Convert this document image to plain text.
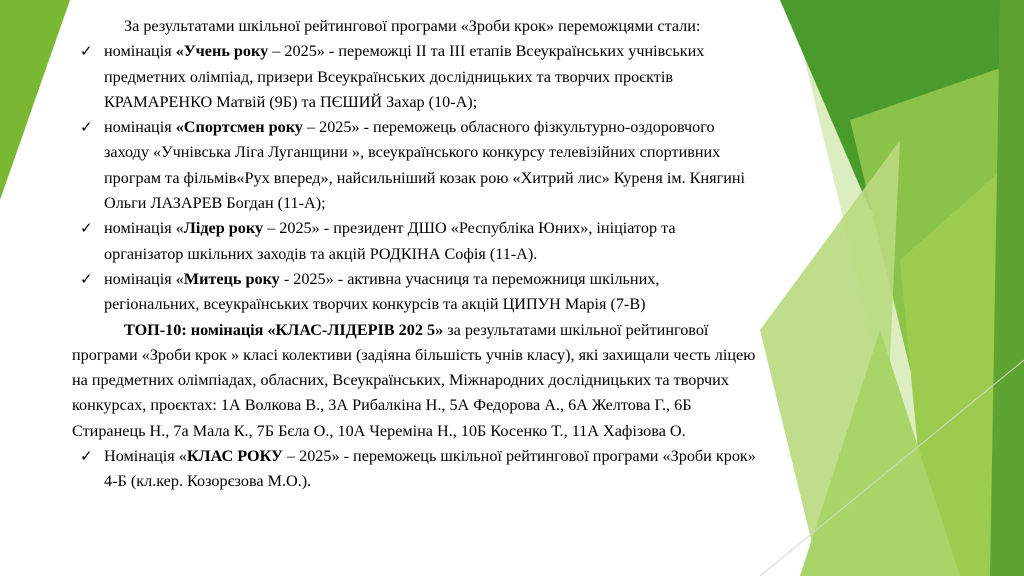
За результатами шкільної рейтингової програми «Зроби крок» переможцями стали:

✓ номінація «Учень року – 2025» - переможці ІІ та ІІІ етапів Всеукраїнських учнівських предметних олімпіад, призери Всеукраїнських дослідницьких та творчих проєктів КРАМАРЕНКО Матвій (9Б) та ПЄШИЙ Захар (10-А);

✓ номінація «Спортсмен року – 2025» - переможець обласного фізкультурно-оздоровчого заходу «Учнівська Ліга Луганщини », всеукраїнського конкурсу телевізійних спортивних програм та фільмів«Рух вперед», найсильніший козак рою «Хитрий лис» Куреня ім. Княгині Ольги ЛАЗАРЕВ Богдан (11-А);

✓ номінація «Лідер року – 2025» - президент ДШО «Республіка Юних», ініціатор та організатор шкільних заходів та акцій РОДКІНА Софія (11-А).

✓ номінація «Митець року - 2025» - активна учасниця та переможниця шкільних, регіональних, всеукраїнських творчих конкурсів та акцій ЦИПУН Марія (7-В)

ТОП-10: номінація «КЛАС-ЛІДЕРІВ 202 5» за результатами шкільної рейтингової програми «Зроби крок » класі колективи (задіяна більшість учнів класу), які захищали честь ліцею на предметних олімпіадах, обласних, Всеукраїнських, Міжнародних дослідницьких та творчих конкурсах, проєктах: 1А Волкова В., 3А Рибалкіна Н., 5А Федорова А., 6А Желтова Г., 6Б Стиранець Н., 7а Мала К., 7Б Бєла О., 10А Череміна Н., 10Б Косенко Т., 11А Хафізова О.

✓ Номінація «КЛАС РОКУ – 2025» - переможець шкільної рейтингової програми «Зроби крок» 4-Б (кл.кер. Козорєзова М.О.).
